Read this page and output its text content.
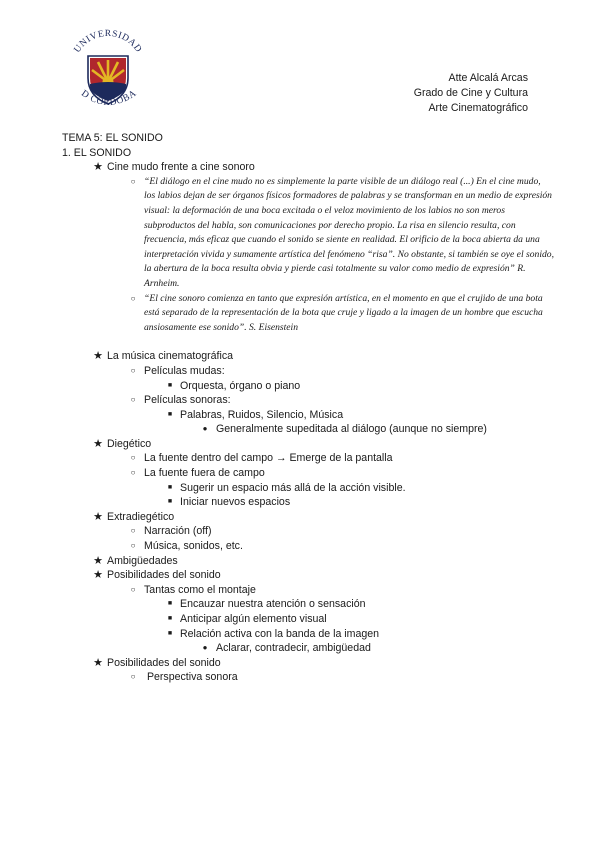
UNIVERSIDAD
D CÓRDOBA
Atte Alcalá Arcas
Grado de Cine y Cultura
Arte Cinematográfico
TEMA 5: EL SONIDO
1. EL SONIDO
★ Cine mudo frente a cine sonoro
○ “El diálogo en el cine mudo no es simplemente la parte visible de un diálogo real (...) En el cine mudo, los labios dejan de ser órganos físicos formadores de palabras y se transforman en un medio de expresión visual: la deformación de una boca excitada o el veloz movimiento de los labios no son meros subproductos del habla, son comunicaciones por derecho propio. La risa en silencio resulta, con frecuencia, más eficaz que cuando el sonido se siente en realidad. El orificio de la boca abierta da una interpretación vivida y sumamente artística del fenómeno “risa”. No obstante, si también se oye el sonido, la abertura de la boca resulta obvia y pierde casi totalmente su valor como medio de expresión” R. Arnheim.
○ “El cine sonoro comienza en tanto que expresión artística, en el momento en que el crujido de una bota está separado de la representación de la bota que cruje y ligado a la imagen de un hombre que escucha ansiosamente ese sonido”. S. Eisenstein
★ La música cinematográfica
○ Películas mudas:
■ Orquesta, órgano o piano
○ Películas sonoras:
■ Palabras, Ruidos, Silencio, Música
● Generalmente supeditada al diálogo (aunque no siempre)
★ Diegético
○ La fuente dentro del campo → Emerge de la pantalla
○ La fuente fuera de campo
■ Sugerir un espacio más allá de la acción visible.
■ Iniciar nuevos espacios
★ Extradiegético
○ Narración (off)
○ Música, sonidos, etc.
★ Ambigüedades
★ Posibilidades del sonido
○ Tantas como el montaje
■ Encauzar nuestra atención o sensación
■ Anticipar algún elemento visual
■ Relación activa con la banda de la imagen
● Aclarar, contradecir, ambigüedad
★ Posibilidades del sonido
○ Perspectiva sonora
